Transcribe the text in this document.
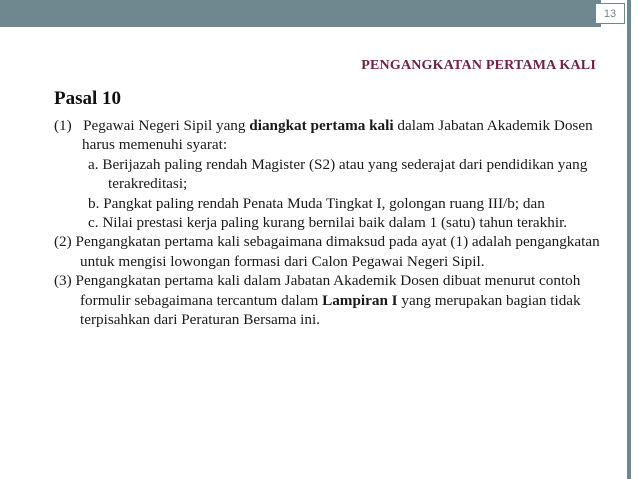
13
PENGANGKATAN PERTAMA KALI
Pasal 10

(1) Pegawai Negeri Sipil yang diangkat pertama kali dalam Jabatan Akademik Dosen harus memenuhi syarat:

a. Berijazah paling rendah Magister (S2) atau yang sederajat dari pendidikan yang terakreditasi;

b. Pangkat paling rendah Penata Muda Tingkat I, golongan ruang III/b; dan

c. Nilai prestasi kerja paling kurang bernilai baik dalam 1 (satu) tahun terakhir.

(2) Pengangkatan pertama kali sebagaimana dimaksud pada ayat (1) adalah pengangkatan untuk mengisi lowongan formasi dari Calon Pegawai Negeri Sipil.

(3) Pengangkatan pertama kali dalam Jabatan Akademik Dosen dibuat menurut contoh formulir sebagaimana tercantum dalam Lampiran I yang merupakan bagian tidak terpisahkan dari Peraturan Bersama ini.
